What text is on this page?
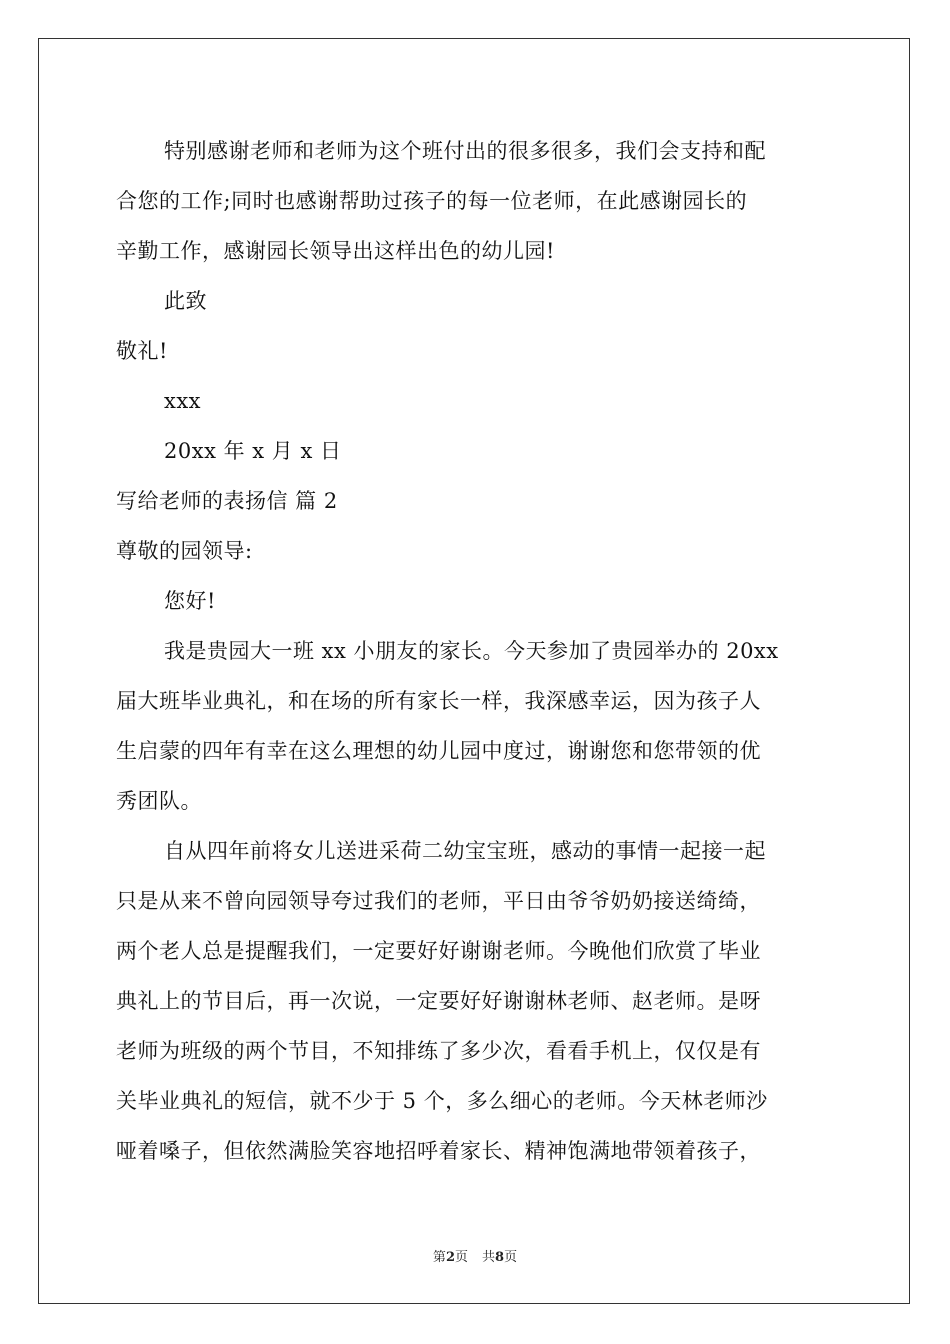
特别感谢老师和老师为这个班付出的很多很多，我们会支持和配
合您的工作;同时也感谢帮助过孩子的每一位老师，在此感谢园长的
辛勤工作，感谢园长领导出这样出色的幼儿园!
此致
敬礼!
xxx
20xx 年 x 月 x 日
写给老师的表扬信 篇 2
尊敬的园领导:
您好!
我是贵园大一班 xx 小朋友的家长。今天参加了贵园举办的 20xx
届大班毕业典礼，和在场的所有家长一样，我深感幸运，因为孩子人
生启蒙的四年有幸在这么理想的幼儿园中度过，谢谢您和您带领的优
秀团队。
自从四年前将女儿送进采荷二幼宝宝班，感动的事情一起接一起
只是从来不曾向园领导夸过我们的老师，平日由爷爷奶奶接送绮绮，
两个老人总是提醒我们，一定要好好谢谢老师。今晚他们欣赏了毕业
典礼上的节目后，再一次说，一定要好好谢谢林老师、赵老师。是呀
老师为班级的两个节目，不知排练了多少次，看看手机上，仅仅是有
关毕业典礼的短信，就不少于 5 个，多么细心的老师。今天林老师沙
哑着嗓子，但依然满脸笑容地招呼着家长、精神饱满地带领着孩子，
第2页 共8页
